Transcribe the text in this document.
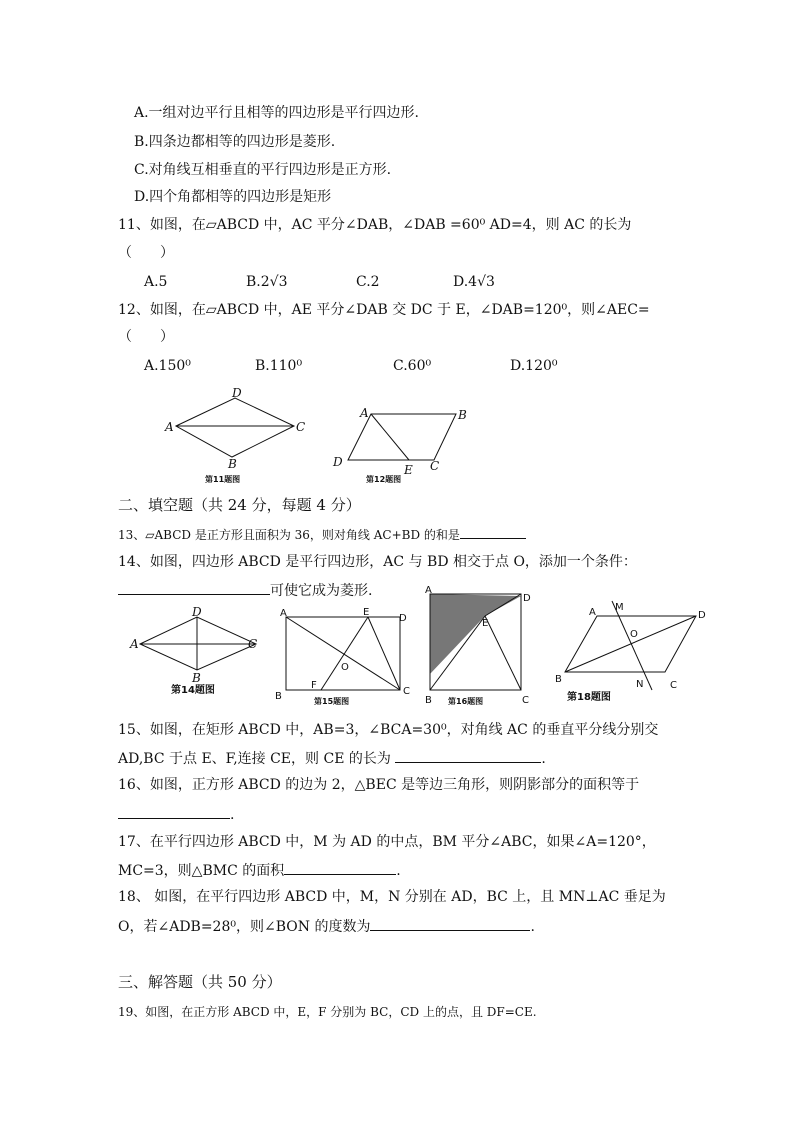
A.一组对边平行且相等的四边形是平行四边形.
B.四条边都相等的四边形是菱形.
C.对角线互相垂直的平行四边形是正方形.
D.四个角都相等的四边形是矩形
11、如图，在▱ABCD 中，AC 平分∠DAB，∠DAB =60⁰ AD=4，则 AC 的长为
（　　）
A.5	B.2√3	C.2	D.4√3
12、如图，在▱ABCD 中，AE 平分∠DAB 交 DC 于 E，∠DAB=120⁰，则∠AEC=
（　　）
A.150⁰	B.110⁰	C.60⁰	D.120⁰
D
A	C
B
第11题图
A	B
D
E C
第12题图
二、填空题（共 24 分，每题 4 分）
13、▱ABCD 是正方形且面积为 36，则对角线 AC+BD 的和是
14、如图，四边形 ABCD 是平行四边形，AC 与 BD 相交于点 O，添加一个条件：
可使它成为菱形.
D
A	C
B
第14题图
A	E
D
F
O
B	C
第15题图
A
D
E
B	C
第16题图
A M
D
O
B	N	C
第18题图
15、如图，在矩形 ABCD 中，AB=3，∠BCA=30⁰，对角线 AC 的垂直平分线分别交
AD,BC 于点 E、F,连接 CE，则 CE 的长为	.
16、如图，正方形 ABCD 的边为 2，△BEC 是等边三角形，则阴影部分的面积等于
.
17、在平行四边形 ABCD 中，M 为 AD 的中点，BM 平分∠ABC，如果∠A=120°，
MC=3，则△BMC 的面积	.
18、 如图，在平行四边形 ABCD 中，M，N 分别在 AD，BC 上，且 MN⊥AC 垂足为
O，若∠ADB=28⁰，则∠BON 的度数为	.
三、解答题（共 50 分）
19、如图，在正方形 ABCD 中，E，F 分别为 BC，CD 上的点，且 DF=CE.
